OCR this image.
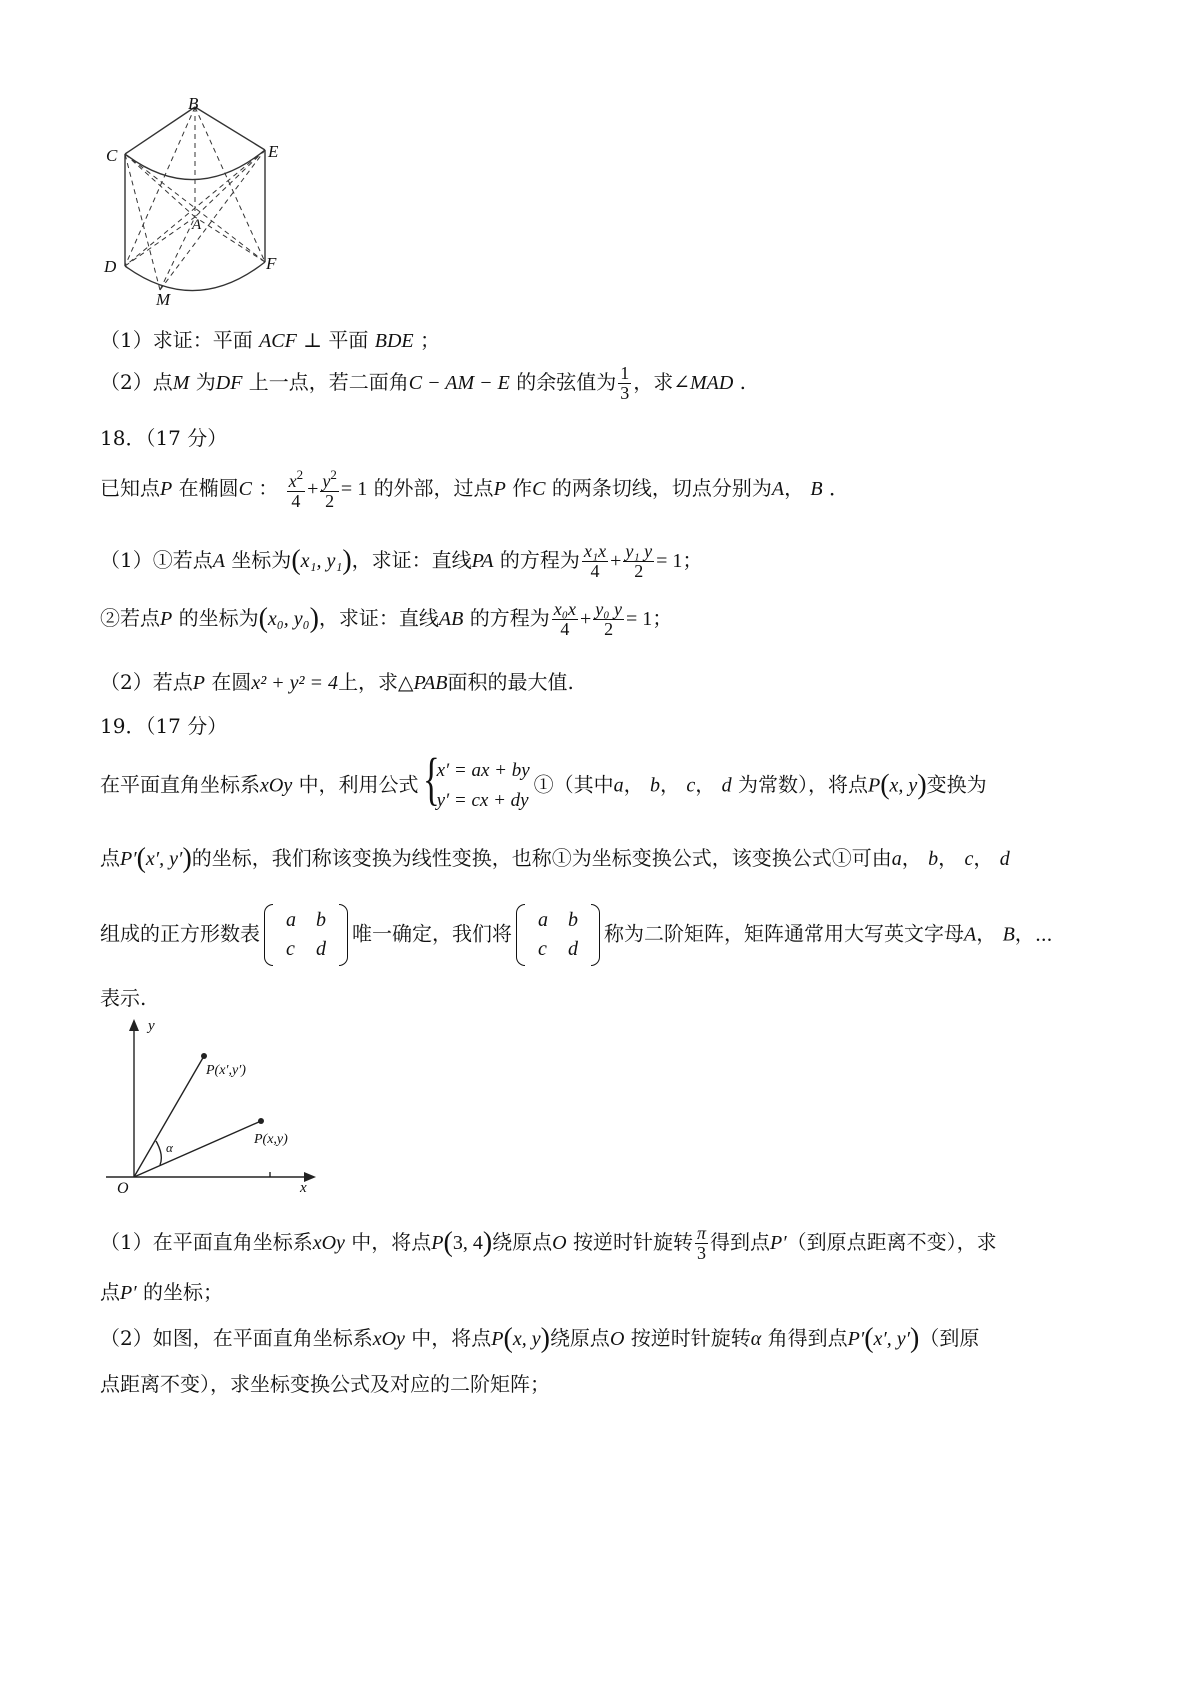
B
C	E
A
D	F
M
（1）求证：平面 ACF ⊥ 平面 BDE ；
（2）点M 为DF 上一点，若二面角C − AM − E 的余弦值为 $\frac{1}{3}$ ，求∠MAD .
18．（17 分）
已知点P 在椭圆C ： $\frac{x^2}{4} + \frac{y^2}{2} = 1$ 的外部，过点P 作C 的两条切线，切点分别为A， B ．
（1）①若点A 坐标为(x₁, y₁)，求证：直线PA 的方程为 $\frac{\text{x₁x}}{4} + \frac{\text{y₁ y}}{2} = 1$；
②若点P 的坐标为(x₀, y₀)，求证：直线AB 的方程为 $\frac{\text{x₀x}}{4} + \frac{\text{y₀ y}}{2} = 1$；
（2）若点P 在圆x² + y² = 4上，求△PAB面积的最大值.
19．（17 分）
在平面直角坐标系xOy 中，利用公式 {
x′ = ax + by
y′ = cx + dy
①（其中a， b， c， d 为常数），将点P(x, y)变换为
点P′(x′, y′)的坐标，我们称该变换为线性变换，也称①为坐标变换公式，该变换公式①可由a， b， c， d
组成的正方形数表
a	b
c	d
唯一确定，我们将
a	b
c	d
称为二阶矩阵，矩阵通常用大写英文字母A， B，⋯
表示.
y
x
O
P(x′,y′)
P(x,y)
α
（1）在平面直角坐标系xOy 中，将点P(3, 4)绕原点O 按逆时针旋转 $\frac{\pi}{3}$ 得到点P′（到原点距离不变），求
点P′ 的坐标；
（2）如图，在平面直角坐标系xOy 中，将点P(x, y)绕原点O 按逆时针旋转α 角得到点P′(x′, y′)（到原
点距离不变），求坐标变换公式及对应的二阶矩阵；
